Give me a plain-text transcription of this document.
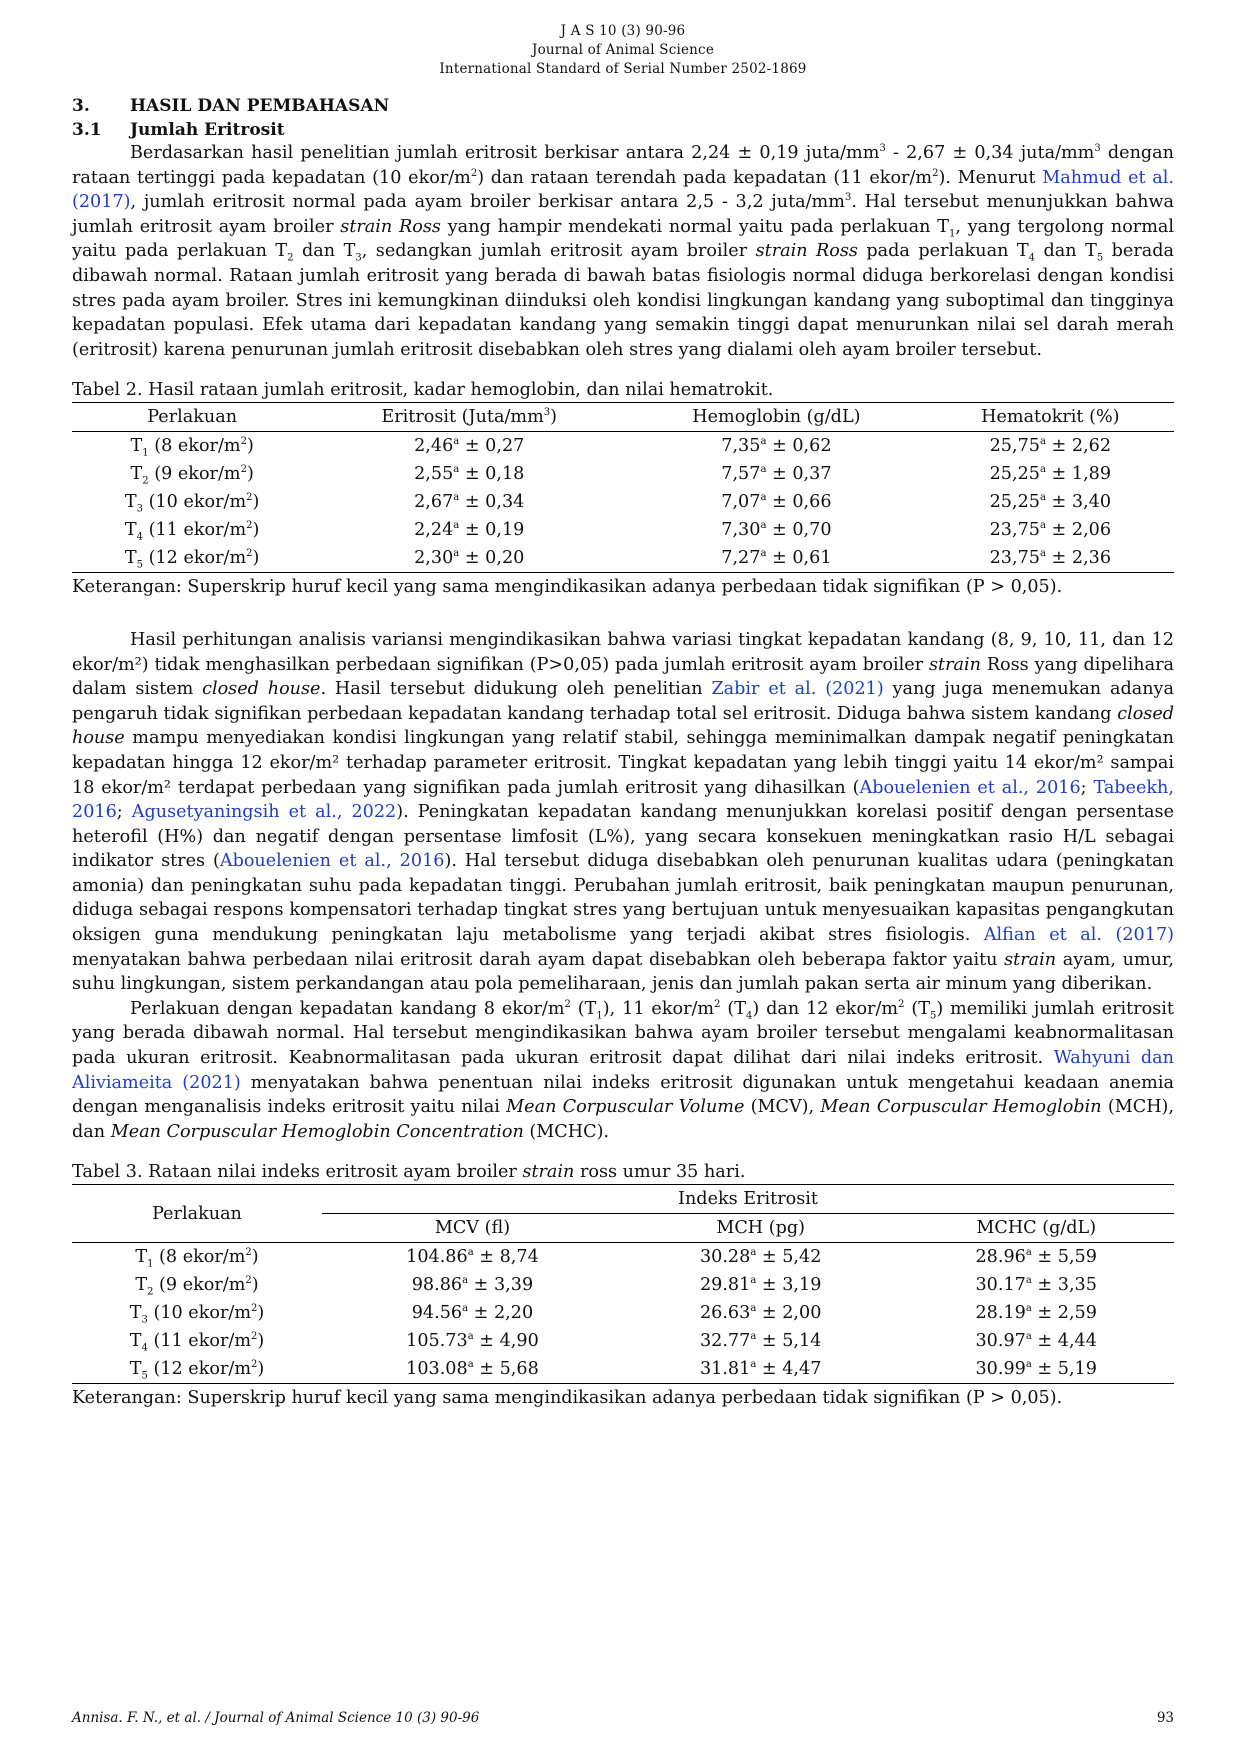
J A S 10 (3) 90-96
Journal of Animal Science
International Standard of Serial Number 2502-1869
3. HASIL DAN PEMBAHASAN
3.1 Jumlah Eritrosit

Berdasarkan hasil penelitian jumlah eritrosit berkisar antara 2,24 ± 0,19 juta/$mm^3 - 2,67 \pm 0,34$ juta/$mm^3$ dengan rataan tertinggi pada kepadatan (10 ekor/$m^2$) dan rataan terendah pada kepadatan (11 ekor/$m^2$). Menurut Mahmud et al. (2017), jumlah eritrosit normal pada ayam broiler berkisar antara 2,5 - 3,2 juta/$mm^3$. Hal tersebut menunjukkan bahwa jumlah eritrosit ayam broiler strain Ross yang hampir mendekati normal yaitu pada perlakuan $T_1$, yang tergolong normal yaitu pada perlakuan $T_2$ dan $T_3$, sedangkan jumlah eritrosit ayam broiler strain Ross pada perlakuan $T_4$ dan $T_5$ berada dibawah normal. Rataan jumlah eritrosit yang berada di bawah batas fisiologis normal diduga berkorelasi dengan kondisi stres pada ayam broiler. Stres ini kemungkinan diinduksi oleh kondisi lingkungan kandang yang suboptimal dan tingginya kepadatan populasi. Efek utama dari kepadatan kandang yang semakin tinggi dapat menurunkan nilai sel darah merah (eritrosit) karena penurunan jumlah eritrosit disebabkan oleh stres yang dialami oleh ayam broiler tersebut.

Tabel 2. Hasil rataan jumlah eritrosit, kadar hemoglobin, dan nilai hematrokit.
Perlakuan	Eritrosit $(Juta/mm^3)$	Hemoglobin (g/dL)	Hematokrit (%)
$T_1$ (8 ekor/$m^2$)	2,46$^a$ ± 0,27	7,35$^a$ ± 0,62	25,75$^a$ ± 2,62
$T_2$ (9 ekor/$m^2$)	2,55$^a$ ± 0,18	7,57$^a$ ± 0,37	25,25$^a$ ± 1,89
$T_3$ (10 ekor/$m^2$)	2,67$^a$ ± 0,34	7,07$^a$ ± 0,66	25,25$^a$ ± 3,40
$T_4$ (11 ekor/$m^2$)	2,24$^a$ ± 0,19	7,30$^a$ ± 0,70	23,75$^a$ ± 2,06
$T_5$ (12 ekor/$m^2$)	2,30$^a$ ± 0,20	7,27$^a$ ± 0,61	23,75$^a$ ± 2,36
Keterangan: Superskrip huruf kecil yang sama mengindikasikan adanya perbedaan tidak signifikan (P > 0,05).

Hasil perhitungan analisis variansi mengindikasikan bahwa variasi tingkat kepadatan kandang (8, 9, 10, 11, dan 12 ekor/m²) tidak menghasilkan perbedaan signifikan (P>0,05) pada jumlah eritrosit ayam broiler strain Ross yang dipelihara dalam sistem closed house. Hasil tersebut didukung oleh penelitian Zabir et al. (2021) yang juga menemukan adanya pengaruh tidak signifikan perbedaan kepadatan kandang terhadap total sel eritrosit. Diduga bahwa sistem kandang closed house mampu menyediakan kondisi lingkungan yang relatif stabil, sehingga meminimalkan dampak negatif peningkatan kepadatan hingga 12 ekor/m² terhadap parameter eritrosit. Tingkat kepadatan yang lebih tinggi yaitu 14 ekor/m² sampai 18 ekor/m² terdapat perbedaan yang signifikan pada jumlah eritrosit yang dihasilkan (Abouelenien et al., 2016; Tabeekh, 2016; Agusetyaningsih et al., 2022). Peningkatan kepadatan kandang menunjukkan korelasi positif dengan persentase heterofil (H%) dan negatif dengan persentase limfosit (L%), yang secara konsekuen meningkatkan rasio H/L sebagai indikator stres (Abouelenien et al., 2016). Hal tersebut diduga disebabkan oleh penurunan kualitas udara (peningkatan amonia) dan peningkatan suhu pada kepadatan tinggi. Perubahan jumlah eritrosit, baik peningkatan maupun penurunan, diduga sebagai respons kompensatori terhadap tingkat stres yang bertujuan untuk menyesuaikan kapasitas pengangkutan oksigen guna mendukung peningkatan laju metabolisme yang terjadi akibat stres fisiologis. Alfian et al. (2017) menyatakan bahwa perbedaan nilai eritrosit darah ayam dapat disebabkan oleh beberapa faktor yaitu strain ayam, umur, suhu lingkungan, sistem perkandangan atau pola pemeliharaan, jenis dan jumlah pakan serta air minum yang diberikan.

Perlakuan dengan kepadatan kandang 8 ekor/$m^2$ $(T_1)$, 11 ekor/$m^2$ $(T_4)$ dan 12 ekor/$m^2$ $(T_5)$ memiliki jumlah eritrosit yang berada dibawah normal. Hal tersebut mengindikasikan bahwa ayam broiler tersebut mengalami keabnormalitasan pada ukuran eritrosit. Keabnormalitasan pada ukuran eritrosit dapat dilihat dari nilai indeks eritrosit. Wahyuni dan Aliviameita (2021) menyatakan bahwa penentuan nilai indeks eritrosit digunakan untuk mengetahui keadaan anemia dengan menganalisis indeks eritrosit yaitu nilai Mean Corpuscular Volume (MCV), Mean Corpuscular Hemoglobin (MCH), dan Mean Corpuscular Hemoglobin Concentration (MCHC).

Tabel 3. Rataan nilai indeks eritrosit ayam broiler strain ross umur 35 hari.
Perlakuan	Indeks Eritrosit		
	MCV (fl)	MCH (pg)	MCHC (g/dL)
$T_1$ (8 ekor/$m^2$)	104.86$^a$ ± 8,74	30.28$^a$ ± 5,42	28.96$^a$ ± 5,59
$T_2$ (9 ekor/$m^2$)	98.86$^a$ ± 3,39	29.81$^a$ ± 3,19	30.17$^a$ ± 3,35
$T_3$ (10 ekor/$m^2$)	94.56$^a$ ± 2,20	26.63$^a$ ± 2,00	28.19$^a$ ± 2,59
$T_4$ (11 ekor/$m^2$)	105.73$^a$ ± 4,90	32.77$^a$ ± 5,14	30.97$^a$ ± 4,44
$T_5$ (12 ekor/$m^2$)	103.08$^a$ ± 5,68	31.81$^a$ ± 4,47	30.99$^a$ ± 5,19
Keterangan: Superskrip huruf kecil yang sama mengindikasikan adanya perbedaan tidak signifikan (P > 0,05).
Annisa. F. N., et al. / Journal of Animal Science 10 (3) 90-96	93
